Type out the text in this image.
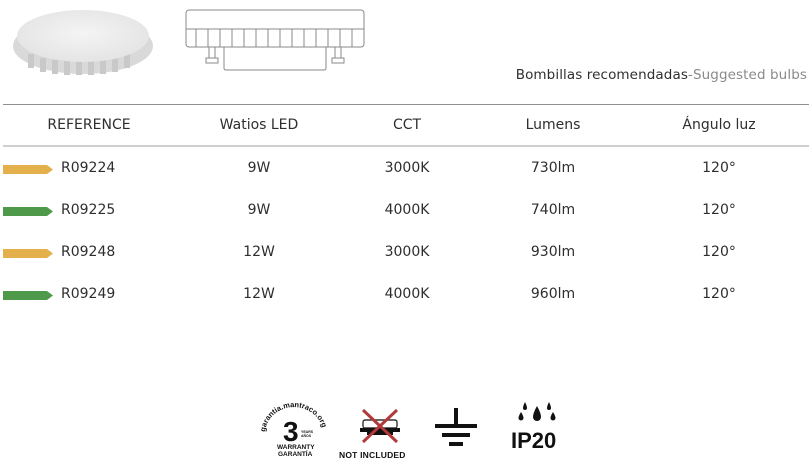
Bombillas recomendadas-Suggested bulbs
REFERENCE	Watios LED	CCT	Lumens	Ángulo luz
R09224	9W	3000K	730lm	120°
R09225	9W	4000K	740lm	120°
R09248	12W	3000K	930lm	120°
R09249	12W	4000K	960lm	120°
garantia.mantraco.org
3 YEARS
AÑOS
WARRANTY
GARANTÍA	NOT INCLUDED
IP20
